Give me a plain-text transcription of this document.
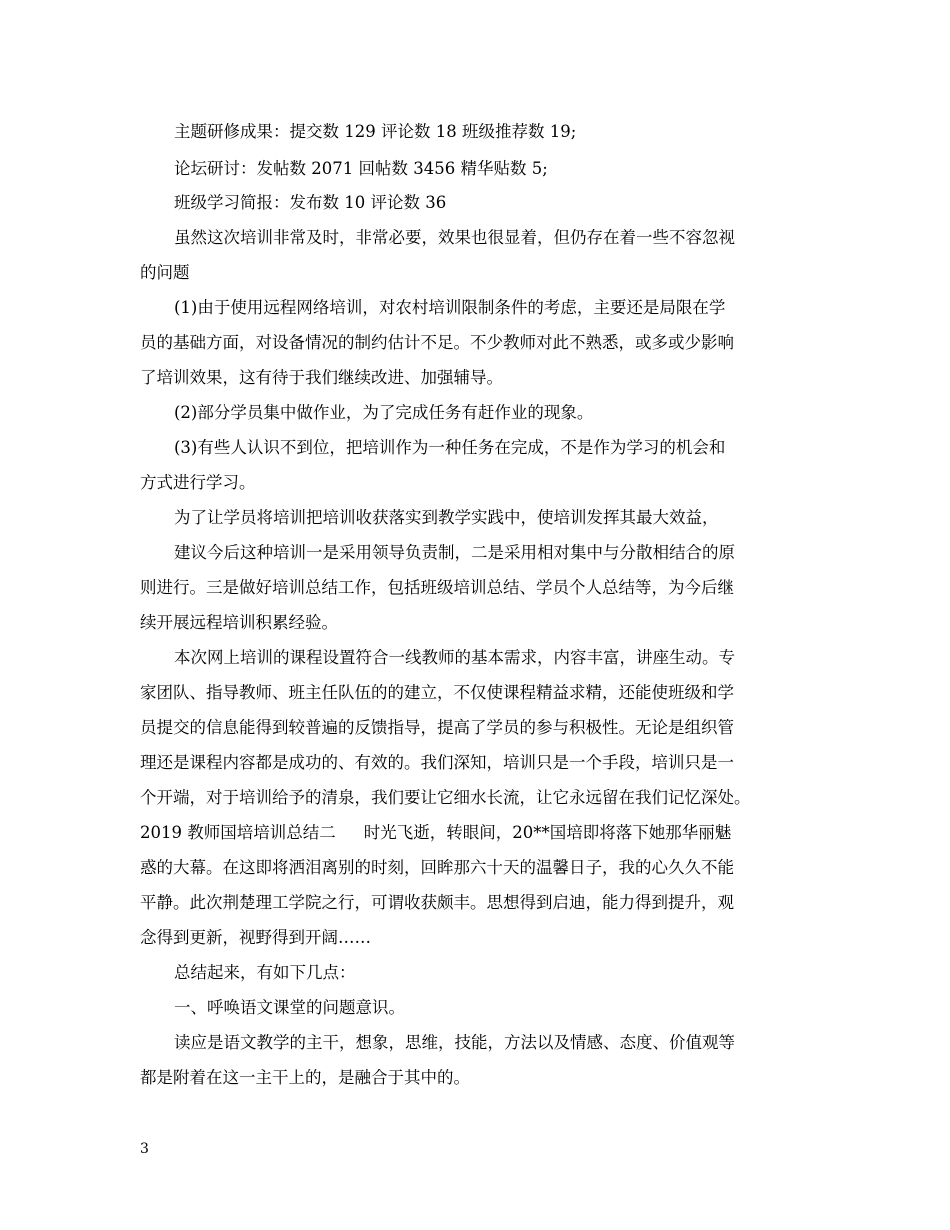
主题研修成果：提交数 129 评论数 18 班级推荐数 19;
论坛研讨：发帖数 2071 回帖数 3456 精华贴数 5;
班级学习简报：发布数 10 评论数 36
虽然这次培训非常及时，非常必要，效果也很显着，但仍存在着一些不容忽视
的问题
(1)由于使用远程网络培训，对农村培训限制条件的考虑，主要还是局限在学
员的基础方面，对设备情况的制约估计不足。不少教师对此不熟悉，或多或少影响
了培训效果，这有待于我们继续改进、加强辅导。
(2)部分学员集中做作业，为了完成任务有赶作业的现象。
(3)有些人认识不到位，把培训作为一种任务在完成，不是作为学习的机会和
方式进行学习。
为了让学员将培训把培训收获落实到教学实践中，使培训发挥其最大效益，
建议今后这种培训一是采用领导负责制，二是采用相对集中与分散相结合的原
则进行。三是做好培训总结工作，包括班级培训总结、学员个人总结等，为今后继
续开展远程培训积累经验。
本次网上培训的课程设置符合一线教师的基本需求，内容丰富，讲座生动。专
家团队、指导教师、班主任队伍的的建立，不仅使课程精益求精，还能使班级和学
员提交的信息能得到较普遍的反馈指导，提高了学员的参与积极性。无论是组织管
理还是课程内容都是成功的、有效的。我们深知，培训只是一个手段，培训只是一
个开端，对于培训给予的清泉，我们要让它细水长流，让它永远留在我们记忆深处。
2019 教师国培培训总结二 时光飞逝，转眼间，20**国培即将落下她那华丽魅
惑的大幕。在这即将洒泪离别的时刻，回眸那六十天的温馨日子，我的心久久不能
平静。此次荆楚理工学院之行，可谓收获颇丰。思想得到启迪，能力得到提升，观
念得到更新，视野得到开阔……
总结起来，有如下几点：
一、呼唤语文课堂的问题意识。
读应是语文教学的主干，想象，思维，技能，方法以及情感、态度、价值观等
都是附着在这一主干上的，是融合于其中的。
3
